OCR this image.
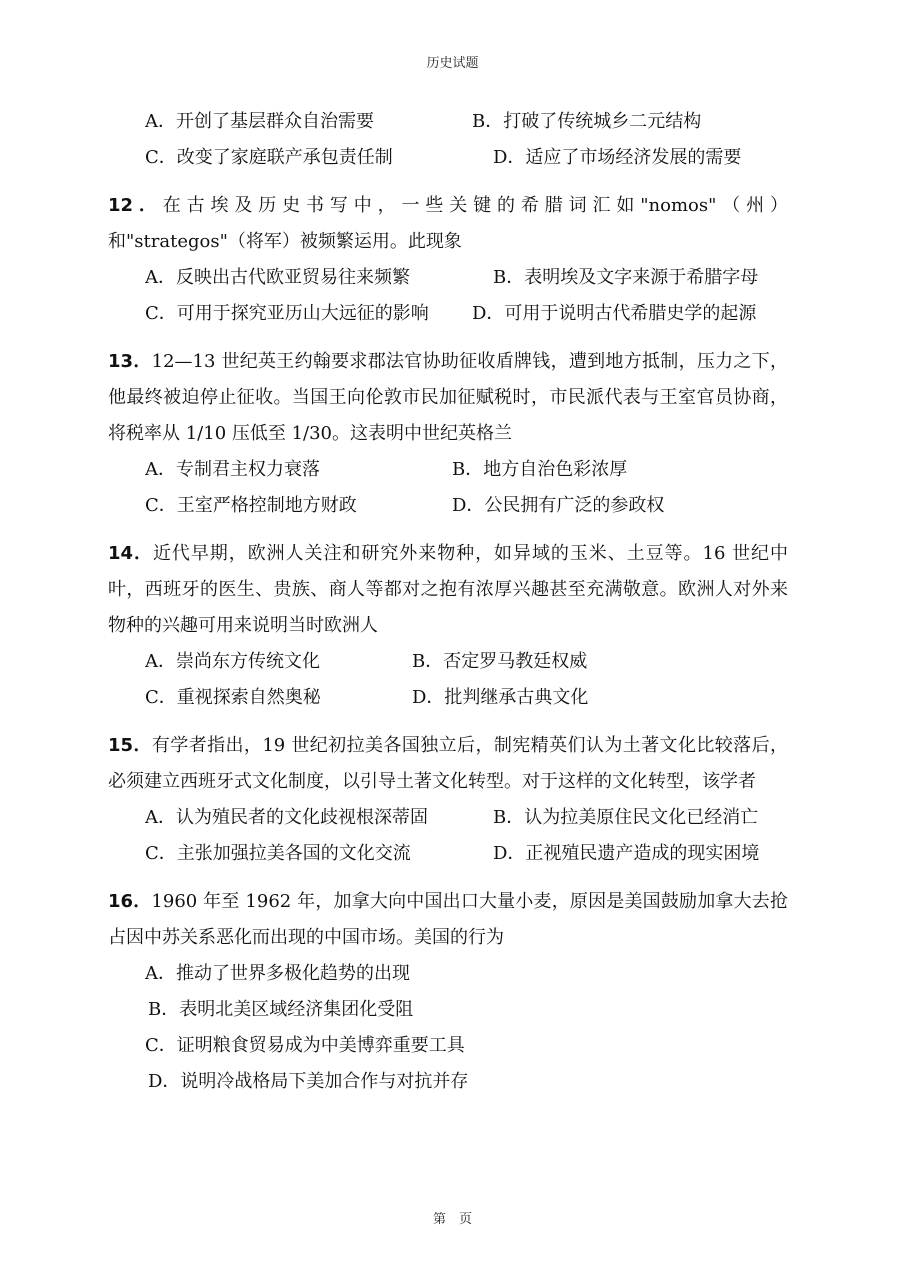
历史试题
A．开创了基层群众自治需要	B．打破了传统城乡二元结构
C．改变了家庭联产承包责任制	D．适应了市场经济发展的需要
12．在古埃及历史书写中，一些关键的希腊词汇如"nomos"（州）和"strategos"（将军）被频繁运用。此现象
A．反映出古代欧亚贸易往来频繁	B．表明埃及文字来源于希腊字母
C．可用于探究亚历山大远征的影响	D．可用于说明古代希腊史学的起源
13．12—13 世纪英王约翰要求郡法官协助征收盾牌钱，遭到地方抵制，压力之下，他最终被迫停止征收。当国王向伦敦市民加征赋税时，市民派代表与王室官员协商，将税率从 1/10 压低至 1/30。这表明中世纪英格兰
A．专制君主权力衰落	B．地方自治色彩浓厚
C．王室严格控制地方财政	D．公民拥有广泛的参政权
14．近代早期，欧洲人关注和研究外来物种，如异域的玉米、土豆等。16 世纪中叶，西班牙的医生、贵族、商人等都对之抱有浓厚兴趣甚至充满敬意。欧洲人对外来物种的兴趣可用来说明当时欧洲人
A．崇尚东方传统文化	B．否定罗马教廷权威
C．重视探索自然奥秘	D．批判继承古典文化
15．有学者指出，19 世纪初拉美各国独立后，制宪精英们认为土著文化比较落后，必须建立西班牙式文化制度，以引导土著文化转型。对于这样的文化转型，该学者
A．认为殖民者的文化歧视根深蒂固	B．认为拉美原住民文化已经消亡
C．主张加强拉美各国的文化交流	D．正视殖民遗产造成的现实困境
16．1960 年至 1962 年，加拿大向中国出口大量小麦，原因是美国鼓励加拿大去抢占因中苏关系恶化而出现的中国市场。美国的行为
A．推动了世界多极化趋势的出现
B．表明北美区域经济集团化受阻
C．证明粮食贸易成为中美博弈重要工具
D．说明冷战格局下美加合作与对抗并存
第　页
